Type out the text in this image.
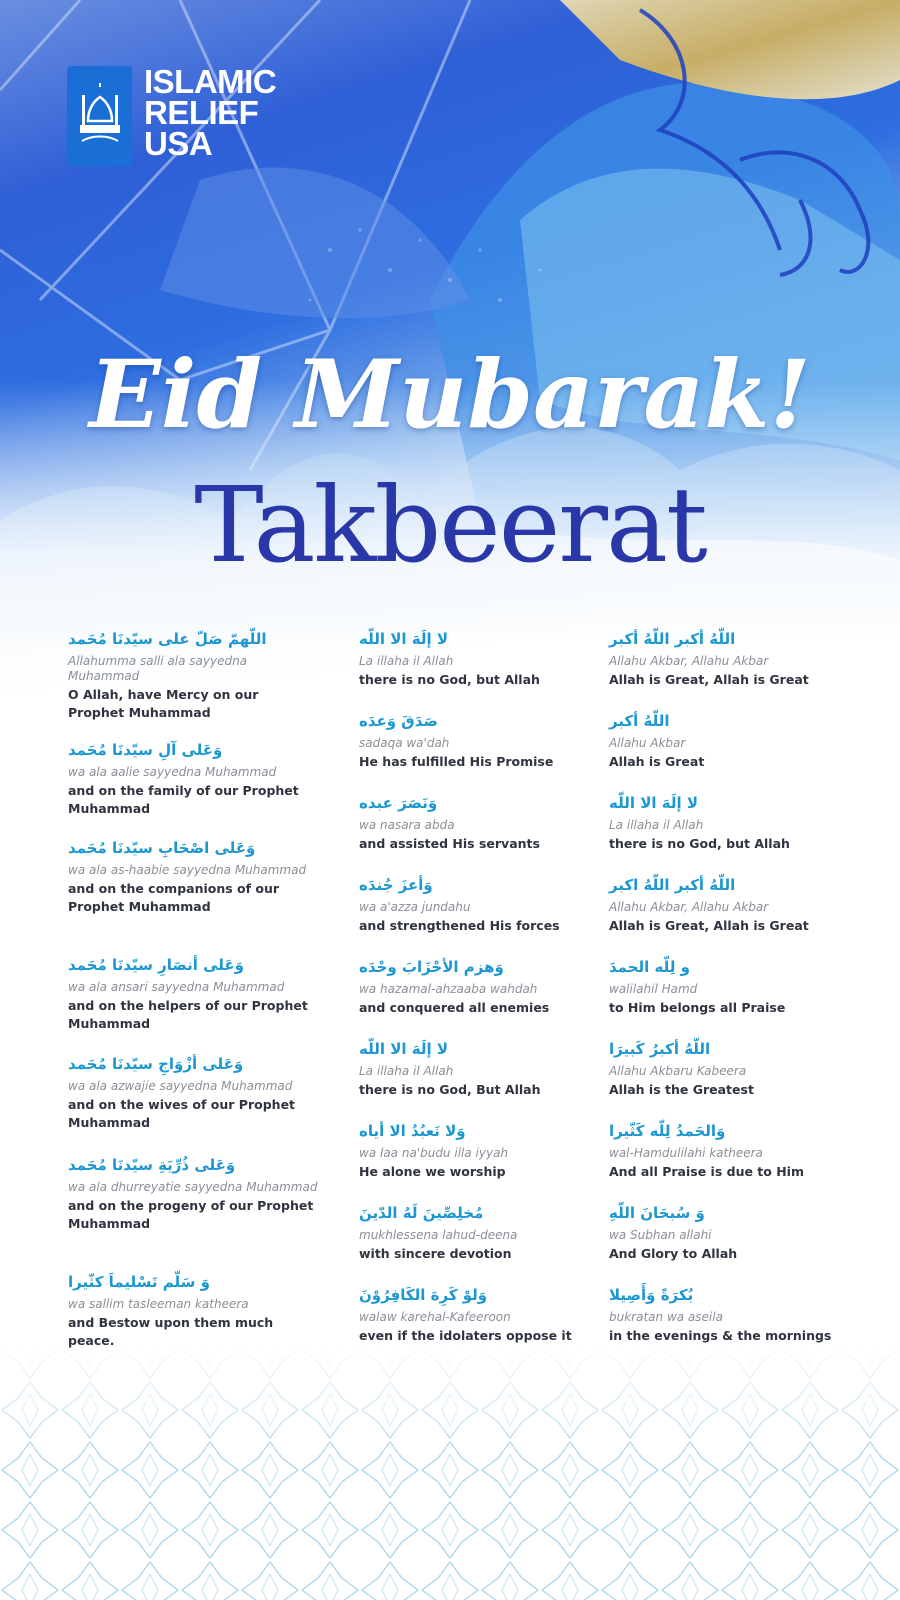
ISLAMIC
RELIEF
USA
Eid Mubarak!
Takbeerat
اللّهمّ صَلّ على سيّدنَا مُحَمد
Allahumma salli ala sayyedna Muhammad
O Allah, have Mercy on our Prophet Muhammad
وَعَلى آلِ سيّدنَا مُحَمد
wa ala aalie sayyedna Muhammad
and on the family of our Prophet Muhammad
وَعَلى اصْحَابِ سيّدنَا مُحَمد
wa ala as-haabie sayyedna Muhammad
and on the companions of our Prophet Muhammad
وَعَلى أنصَارِ سيّدنَا مُحَمد
wa ala ansari sayyedna Muhammad
and on the helpers of our Prophet Muhammad
وَعَلى أزْوَاجِ سيّدنَا مُحَمد
wa ala azwajie sayyedna Muhammad
and on the wives of our Prophet Muhammad
وَعَلى ذُرِّيَةِ سيّدنَا مُحَمد
wa ala dhurreyatie sayyedna Muhammad
and on the progeny of our Prophet Muhammad
وَ سَلّم تَسْليماَ كثّيرا
wa sallim tasleeman katheera
and Bestow upon them much peace.
لا إلَهَ الا اللّه
La illaha il Allah
there is no God, but Allah
صَدَقَ وَعدَه
sadaqa wa'dah
He has fulfilled His Promise
وَنَصَرَ عبده
wa nasara abda
and assisted His servants
وَأعزَ جُندَه
wa a'azza jundahu
and strengthened His forces
وَهزم الأحْزَابَ وحْدَه
wa hazamal-ahzaaba wahdah
and conquered all enemies
لا إلَهَ الا اللّه
La illaha il Allah
there is no God, But Allah
وَلا نَعبُدُ الا أياه
wa laa na'budu illa iyyah
He alone we worship
مُخلِصِّينَ لَهُ الدّينَ
mukhlessena lahud-deena
with sincere devotion
وَلوْ كَرِهَ الكَافِرُوْنَ
walaw karehal-Kafeeroon
even if the idolaters oppose it
اللّهُ أكبر اللّهُ أكبر
Allahu Akbar, Allahu Akbar
Allah is Great, Allah is Great
اللّهُ أكبر
Allahu Akbar
Allah is Great
لا إلَهَ الا اللّه
La illaha il Allah
there is no God, but Allah
اللّهُ أكبر اللّهُ اكبر
Allahu Akbar, Allahu Akbar
Allah is Great, Allah is Great
و لِلّه الحمدَ
walilahil Hamd
to Him belongs all Praise
اللّهُ أكبرُ كَبيرَا
Allahu Akbaru Kabeera
Allah is the Greatest
وَالحَمدُ لِلّه كَثّيرا
wal-Hamdulilahi katheera
And all Praise is due to Him
وَ سُبحَانَ اللّهِ
wa Subhan allahi
And Glory to Allah
بُكرَةً وَأَصِيلا
bukratan wa aseila
in the evenings & the mornings
